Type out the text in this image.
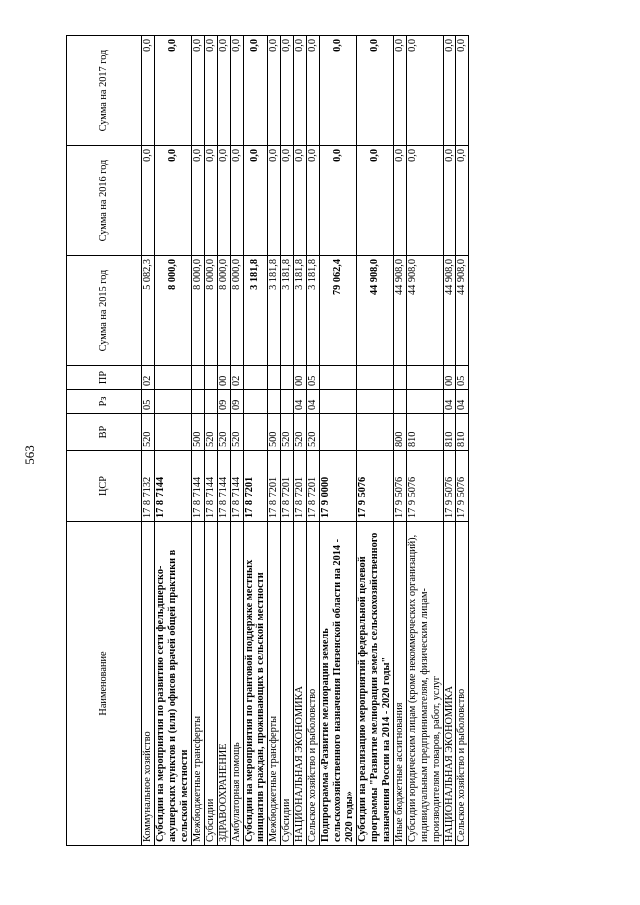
563
Наименование	ЦСР	ВР	Рз	ПР	Сумма на 2015 год	Сумма на 2016 год	Сумма на 2017 год
Коммунальное хозяйство	17 8 7132	520	05	02	5 082,3	0,0	0,0
Субсидии на мероприятия по развитию сети фельдшерско-акушерских пунктов и (или) офисов врачей общей практики в сельской местности	17 8 7144				8 000,0	0,0	0,0
Межбюджетные трансферты	17 8 7144	500			8 000,0	0,0	0,0
Субсидии	17 8 7144	520			8 000,0	0,0	0,0
ЗДРАВООХРАНЕНИЕ	17 8 7144	520	09	00	8 000,0	0,0	0,0
Амбулаторная помощь	17 8 7144	520	09	02	8 000,0	0,0	0,0
Субсидии на мероприятия по грантовой поддержке местных инициатив граждан, проживающих в сельской местности	17 8 7201				3 181,8	0,0	0,0
Межбюджетные трансферты	17 8 7201	500			3 181,8	0,0	0,0
Субсидии	17 8 7201	520			3 181,8	0,0	0,0
НАЦИОНАЛЬНАЯ ЭКОНОМИКА	17 8 7201	520	04	00	3 181,8	0,0	0,0
Сельское хозяйство и рыболовство	17 8 7201	520	04	05	3 181,8	0,0	0,0
Подпрограмма «Развитие мелиорации земель сельскохозяйственного назначения Пензенской области на 2014 - 2020 годы»	17 9 0000				79 062,4	0,0	0,0
Субсидии на реализацию мероприятий федеральной целевой программы "Развитие мелиорации земель сельскохозяйственного назначения России на 2014 - 2020 годы"	17 9 5076				44 908,0	0,0	0,0
Иные бюджетные ассигнования	17 9 5076	800			44 908,0	0,0	0,0
Субсидии юридическим лицам (кроме некоммерческих организаций), индивидуальным предпринимателям, физическим лицам-производителям товаров, работ, услуг	17 9 5076	810			44 908,0	0,0	0,0
НАЦИОНАЛЬНАЯ ЭКОНОМИКА	17 9 5076	810	04	00	44 908,0	0,0	0,0
Сельское хозяйство и рыболовство	17 9 5076	810	04	05	44 908,0	0,0	0,0
